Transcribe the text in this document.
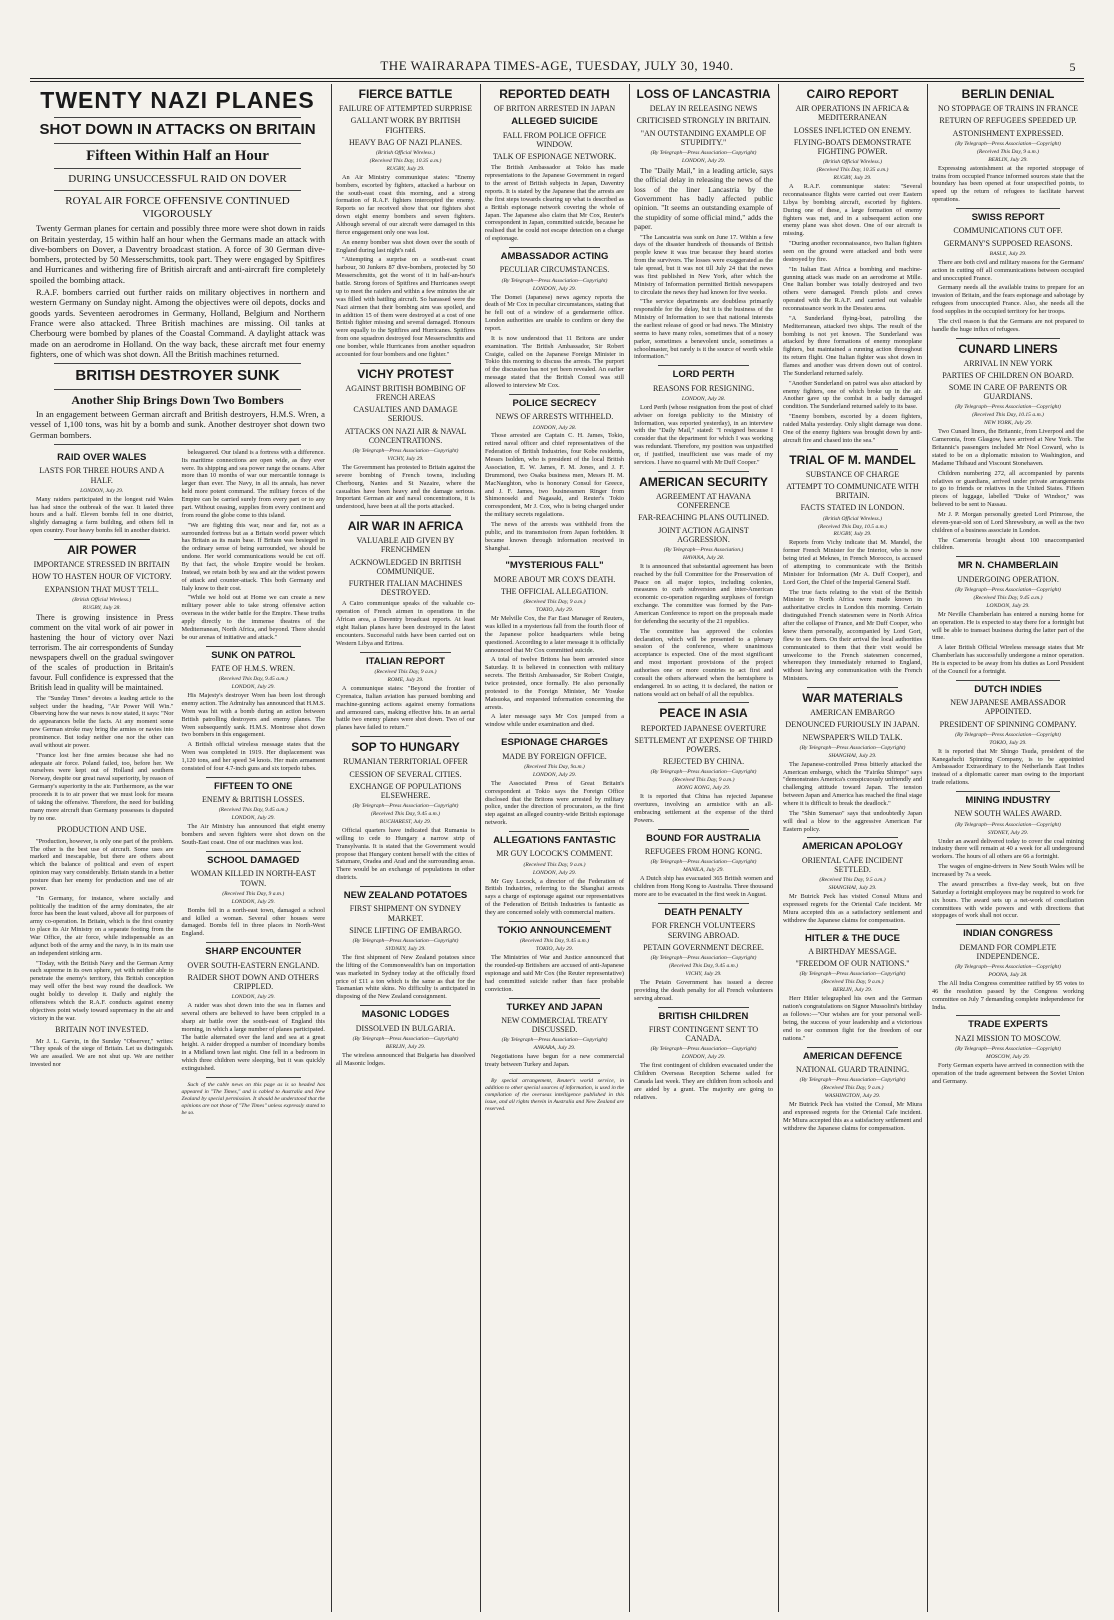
THE WAIRARAPA TIMES-AGE, TUESDAY, JULY 30, 1940.	5
TWENTY NAZI PLANES
SHOT DOWN IN ATTACKS ON BRITAIN
Fifteen Within Half an Hour
DURING UNSUCCESSFUL RAID ON DOVER
ROYAL AIR FORCE OFFENSIVE CONTINUED VIGOROUSLY

Twenty German planes for certain and possibly three more were shot down in raids on Britain yesterday, 15 within half an hour when the Germans made an attack with dive-bombers on Dover, a Daventry broadcast station. A force of 30 German dive-bombers, protected by 50 Messerschmitts, took part. They were engaged by Spitfires and Hurricanes and withering fire of British aircraft and anti-aircraft fire completely spoiled the bombing attack.

R.A.F. bombers carried out further raids on military objectives in northern and western Germany on Sunday night. Among the objectives were oil depots, docks and goods yards. Seventeen aerodromes in Germany, Holland, Belgium and Northern France were also attacked. Three British machines are missing. Oil tanks at Cherbourg were bombed by planes of the Coastal Command. A daylight attack was made on an aerodrome in Holland. On the way back, these aircraft met four enemy fighters, one of which was shot down. All the British machines returned.

BRITISH DESTROYER SUNK
Another Ship Brings Down Two Bombers

In an engagement between German aircraft and British destroyers, H.M.S. Wren, a vessel of 1,100 tons, was hit by a bomb and sunk. Another destroyer shot down two German bombers.

RAID OVER WALES
LASTS FOR THREE HOURS AND A HALF.
LONDON, July 29.

Many raiders participated in the longest raid Wales has had since the outbreak of the war. It lasted three hours and a half. Eleven bombs fell in one district, slightly damaging a farm building, and others fell in open country. Four heavy bombs fell in another district.

AIR POWER
IMPORTANCE STRESSED IN BRITAIN
HOW TO HASTEN HOUR OF VICTORY.
EXPANSION THAT MUST TELL.
(British Official Wireless.)
RUGBY, July 28.

There is growing insistence in Press comment on the vital work of air power in hastening the hour of victory over Nazi terrorism. The air correspondents of Sunday newspapers dwell on the gradual swingover of the scales of production in Britain's favour. Full confidence is expressed that the British lead in quality will be maintained.

The "Sunday Times" devotes a leading article to the subject under the heading, "Air Power Will Win." Observing how the war news is now stated, it says: "Nor do appearances belie the facts. At any moment some new German stroke may bring the armies or navies into prominence. But today neither one nor the other can avail without air power.

"France lost her fine armies because she had no adequate air force. Poland failed, too, before her. We ourselves were kept out of Holland and southern Norway, despite our great naval superiority, by reason of Germany's superiority in the air. Furthermore, as the war proceeds it is to air power that we must look for means of taking the offensive. Therefore, the need for building many more aircraft than Germany possesses is disputed by no one.

PRODUCTION AND USE.

"Production, however, is only one part of the problem. The other is the best use of aircraft. Some uses are marked and inescapable, but there are others about which the balance of political and even of expert opinion may vary considerably. Britain stands in a better posture than her enemy for production and use of air power.

"In Germany, for instance, where socially and politically the tradition of the army dominates, the air force has been the least valued, above all for purposes of army co-operation. In Britain, which is the first country to place its Air Ministry on a separate footing from the War Office, the air force, while indispensable as an adjunct both of the army and the navy, is in its main use an independent striking arm.

"Today, with the British Navy and the German Army each supreme in its own sphere, yet with neither able to penetrate the enemy's territory, this British conception may well offer the best way round the deadlock. We ought boldly to develop it. Daily and nightly the offensives which the R.A.F. conducts against enemy objectives point wisely toward supremacy in the air and victory in the war.

BRITAIN NOT INVESTED.

Mr J. L. Garvin, in the Sunday "Observer," writes: "They speak of the siege of Britain. Let us distinguish. We are assailed. We are not shut up. We are neither invested nor

beleaguered. Our island is a fortress with a difference. Its maritime connections are open wide, as they ever were. Its shipping and sea power range the oceans. After more than 10 months of war our mercantile tonnage is larger than ever. The Navy, in all its annals, has never held more potent command. The military forces of the Empire can be carried surely from every part or to any part. Without ceasing, supplies from every continent and from round the globe come to this island.

"We are fighting this war, near and far, not as a surrounded fortress but as a Britain world power which has Britain as its main base. If Britain was besieged in the ordinary sense of being surrounded, we should be undone. Her world communications would be cut off. By that fact, the whole Empire would be broken. Instead, we retain both by sea and air the widest powers of attack and counter-attack. This both Germany and Italy know to their cost.

"While we hold out at Home we can create a new military power able to take strong offensive action overseas in the wider battle for the Empire. These truths apply directly to the immense theatres of the Mediterranean, North Africa, and beyond. There should be our arenas of initiative and attack."

SUNK ON PATROL
FATE OF H.M.S. WREN.
(Received This Day, 9.45 a.m.)
LONDON, July 29.

His Majesty's destroyer Wren has been lost through enemy action. The Admiralty has announced that H.M.S. Wren was hit with a bomb during an action between British patrolling destroyers and enemy planes. The Wren subsequently sank. H.M.S. Montrose shot down two bombers in this engagement.

A British official wireless message states that the Wren was completed in 1919. Her displacement was 1,120 tons, and her speed 34 knots. Her main armament consisted of four 4.7-inch guns and six torpedo tubes.

FIFTEEN TO ONE
ENEMY & BRITISH LOSSES.
(Received This Day, 9.45 a.m.)
LONDON, July 29.

The Air Ministry has announced that eight enemy bombers and seven fighters were shot down on the South-East coast. One of our machines was lost.

SCHOOL DAMAGED
WOMAN KILLED IN NORTH-EAST TOWN.
(Received This Day, 9 a.m.)
LONDON, July 29.

Bombs fell in a north-east town, damaged a school and killed a woman. Several other houses were damaged. Bombs fell in three places in North-West England.

SHARP ENCOUNTER
OVER SOUTH-EASTERN ENGLAND.
RAIDER SHOT DOWN AND OTHERS CRIPPLED.
LONDON, July 29.

A raider was shot down into the sea in flames and several others are believed to have been crippled in a sharp air battle over the south-east of England this morning, in which a large number of planes participated. The battle alternated over the land and sea at a great height. A raider dropped a number of incendiary bombs in a Midland town last night. One fell in a bedroom in which three children were sleeping, but it was quickly extinguished.

Such of the cable news on this page as is so headed has appeared in "The Times," and is cabled to Australia and New Zealand by special permission. It should be understood that the opinions are not those of "The Times" unless expressly stated to be so.

FIERCE BATTLE
FAILURE OF ATTEMPTED SURPRISE
GALLANT WORK BY BRITISH FIGHTERS.
HEAVY BAG OF NAZI PLANES.
(British Official Wireless.)
(Received This Day, 10.35 a.m.)
RUGBY, July 29.

An Air Ministry communique states: "Enemy bombers, escorted by fighters, attacked a harbour on the south-east coast this morning, and a strong formation of R.A.F. fighters intercepted the enemy. Reports so far received show that our fighters shot down eight enemy bombers and seven fighters. Although several of our aircraft were damaged in this fierce engagement only one was lost.

An enemy bomber was shot down over the south of England during last night's raid.

"Attempting a surprise on a south-east coast harbour, 30 Junkers 87 dive-bombers, protected by 50 Messerschmitts, got the worst of it in half-an-hour's battle. Strong forces of Spitfires and Hurricanes swept up to meet the raiders and within a few minutes the air was filled with battling aircraft. So harassed were the Nazi airmen that their bombing aim was spoiled, and in addition 15 of them were destroyed at a cost of one British fighter missing and several damaged. Honours were equally to the Spitfires and Hurricanes. Spitfires from one squadron destroyed four Messerschmitts and one bomber, while Hurricanes from another squadron accounted for four bombers and one fighter."

VICHY PROTEST
AGAINST BRITISH BOMBING OF FRENCH AREAS
CASUALTIES AND DAMAGE SERIOUS.
ATTACKS ON NAZI AIR & NAVAL CONCENTRATIONS.
(By Telegraph—Press Association—Copyright)
VICHY, July 29.

The Government has protested to Britain against the severe bombing of French towns, including Cherbourg, Nantes and St Nazaire, where the casualties have been heavy and the damage serious. Important German air and naval concentrations, it is understood, have been at all the ports attacked.

AIR WAR IN AFRICA
VALUABLE AID GIVEN BY FRENCHMEN
ACKNOWLEDGED IN BRITISH COMMUNIQUE.
FURTHER ITALIAN MACHINES DESTROYED.

A Cairo communique speaks of the valuable co-operation of French airmen in operations in the African area, a Daventry broadcast reports. At least eight Italian planes have been destroyed in the latest encounters. Successful raids have been carried out on Western Libya and Eritrea.

ITALIAN REPORT
(Received This Day, 9 a.m.)
ROME, July 29.

A communique states: "Beyond the frontier of Cyrenaica, Italian aviation has pursued bombing and machine-gunning actions against enemy formations and armoured cars, making effective hits. In an aerial battle two enemy planes were shot down. Two of our planes have failed to return."

SOP TO HUNGARY
RUMANIAN TERRITORIAL OFFER
CESSION OF SEVERAL CITIES.
EXCHANGE OF POPULATIONS ELSEWHERE.
(By Telegraph—Press Association—Copyright)
(Received This Day, 9.45 a.m.)
BUCHAREST, July 29.

Official quarters have indicated that Rumania is willing to cede to Hungary a narrow strip of Transylvania. It is stated that the Government would propose that Hungary content herself with the cities of Satumare, Oradea and Arad and the surrounding areas. There would be an exchange of populations in other districts.

NEW ZEALAND POTATOES
FIRST SHIPMENT ON SYDNEY MARKET.
SINCE LIFTING OF EMBARGO.
(By Telegraph—Press Association—Copyright)
SYDNEY, July 29.

The first shipment of New Zealand potatoes since the lifting of the Commonwealth's ban on importation was marketed in Sydney today at the officially fixed price of £11 a ton which is the same as that for the Tasmanian white skins. No difficulty is anticipated in disposing of the New Zealand consignment.

MASONIC LODGES
DISSOLVED IN BULGARIA.
(By Telegraph—Press Association—Copyright)
BERLIN, July 29.

The wireless announced that Bulgaria has dissolved all Masonic lodges.

REPORTED DEATH
OF BRITON ARRESTED IN JAPAN
ALLEGED SUICIDE
FALL FROM POLICE OFFICE WINDOW.
TALK OF ESPIONAGE NETWORK.

The British Ambassador at Tokio has made representations to the Japanese Government in regard to the arrest of British subjects in Japan, Daventry reports. It is stated by the Japanese that the arrests are the first steps towards clearing up what is described as a British espionage network covering the whole of Japan. The Japanese also claim that Mr Cox, Reuter's correspondent in Japan, committed suicide, because he realised that he could not escape detection on a charge of espionage.

AMBASSADOR ACTING
PECULIAR CIRCUMSTANCES.
(By Telegraph—Press Association—Copyright)
LONDON, July 29.

The Domei (Japanese) news agency reports the death of Mr Cox in peculiar circumstances, stating that he fell out of a window of a gendarmerie office. London authorities are unable to confirm or deny the report.

It is now understood that 11 Britons are under examination. The British Ambassador, Sir Robert Craigie, called on the Japanese Foreign Minister in Tokio this morning to discuss the arrests. The purport of the discussion has not yet been revealed. An earlier message stated that the British Consul was still allowed to interview Mr Cox.

POLICE SECRECY
NEWS OF ARRESTS WITHHELD.
LONDON, July 28.

Those arrested are Captain C. H. James, Tokio, retired naval officer and chief representatives of the Federation of British Industries, four Kobe residents, Messrs Isolden, who is president of the local British Association, E. W. James, F. M. Jones, and J. F. Drummond, two Osaka business men, Messrs H. M. MacNaughton, who is honorary Consul for Greece, and J. F. James, two businessmen Ringer from Shimonoseki and Nagasaki, and Reuter's Tokio correspondent, Mr J. Cox, who is being charged under the military secrets regulations.

The news of the arrests was withheld from the public, and its transmission from Japan forbidden. It became known through information received in Shanghai.

"MYSTERIOUS FALL"
MORE ABOUT MR COX'S DEATH.
THE OFFICIAL ALLEGATION.
(Received This Day, 9 a.m.)
TOKIO, July 29.

Mr Melville Cox, the Far East Manager of Reuters, was killed in a mysterious fall from the fourth floor of the Japanese police headquarters while being questioned. According to a later message it is officially announced that Mr Cox committed suicide.

A total of twelve Britons has been arrested since Saturday. It is believed in connection with military secrets. The British Ambassador, Sir Robert Craigie, twice protested, once formally. He also personally protested to the Foreign Minister, Mr Yosuke Matsuoka, and requested information concerning the arrests.

A later message says Mr Cox jumped from a window while under examination and died.

ESPIONAGE CHARGES
MADE BY FOREIGN OFFICE.
(Received This Day, 9a.m.)
LONDON, July 29.

The Associated Press of Great Britain's correspondent at Tokio says the Foreign Office disclosed that the Britons were arrested by military police, under the direction of procurators, as the first step against an alleged country-wide British espionage network.

ALLEGATIONS FANTASTIC
MR GUY LOCOCK'S COMMENT.
(Received This Day, 9 a.m.)
LONDON, July 29.

Mr Guy Locock, a director of the Federation of British Industries, referring to the Shanghai arrests says a charge of espionage against our representatives of the Federation of British Industries is fantastic as they are concerned solely with commercial matters.

TOKIO ANNOUNCEMENT
(Received This Day, 9.45 a.m.)
TOKIO, July 29.

The Ministries of War and Justice announced that the rounded-up Britishers are accused of anti-Japanese espionage and said Mr Cox (the Reuter representative) had committed suicide rather than face probable conviction.

TURKEY AND JAPAN
NEW COMMERCIAL TREATY DISCUSSED.
(By Telegraph—Press Association—Copyright)
ANKARA, July 29.

Negotiations have begun for a new commercial treaty between Turkey and Japan.

By special arrangement, Reuter's world service, in addition to other special sources of information, is used in the compilation of the overseas intelligence published in this issue, and all rights therein in Australia and New Zealand are reserved.

LOSS OF LANCASTRIA
DELAY IN RELEASING NEWS
CRITICISED STRONGLY IN BRITAIN.
"AN OUTSTANDING EXAMPLE OF STUPIDITY."
(By Telegraph—Press Association—Copyright)
LONDON, July 29.

The "Daily Mail," in a leading article, says the official delay in releasing the news of the loss of the liner Lancastria by the Government has badly affected public opinion. "It seems an outstanding example of the stupidity of some official mind," adds the paper.

"The Lancastria was sunk on June 17. Within a few days of the disaster hundreds of thousands of British people knew it was true because they heard stories from the survivors. The losses were exaggerated as the tale spread, but it was not till July 24 that the news was first published in New York, after which the Ministry of Information permitted British newspapers to circulate the news they had known for five weeks.

"The service departments are doubtless primarily responsible for the delay, but it is the business of the Ministry of Information to see that national interests the earliest release of good or bad news. The Ministry seems to have many roles, sometimes that of a nosey parker, sometimes a benevolent uncle, sometimes a schoolmaster, but rarely is it the source of worth while information."

LORD PERTH
REASONS FOR RESIGNING.
LONDON, July 28.

Lord Perth (whose resignation from the post of chief adviser on foreign publicity to the Ministry of Information, was reported yesterday), in an interview with the "Daily Mail," stated: "I resigned because I consider that the department for which I was working was redundant. Therefore, my position was unjustified or, if justified, insufficient use was made of my services. I have no quarrel with Mr Duff Cooper."

AMERICAN SECURITY
AGREEMENT AT HAVANA CONFERENCE
FAR-REACHING PLANS OUTLINED.
JOINT ACTION AGAINST AGGRESSION.
(By Telegraph—Press Association.)
HAVANA, July 28.

It is announced that substantial agreement has been reached by the full Committee for the Preservation of Peace on all major topics, including colonies, measures to curb subversion and inter-American economic co-operation regarding surpluses of foreign exchange. The committee was formed by the Pan-American Conference to report on the proposals made for defending the security of the 21 republics.

The committee has approved the colonies declaration, which will be presented to a plenary session of the conference, where unanimous acceptance is expected. One of the most significant and most important provisions of the project authorises one or more countries to act first and consult the others afterward when the hemisphere is endangered. In so acting, it is declared, the nation or nations would act on behalf of all the republics.

PEACE IN ASIA
REPORTED JAPANESE OVERTURE
SETTLEMENT AT EXPENSE OF THIRD POWERS.
REJECTED BY CHINA.
(By Telegraph—Press Association—Copyright)
(Received This Day, 9 a.m.)
HONG KONG, July 29.

It is reported that China has rejected Japanese overtures, involving an armistice with an all-embracing settlement at the expense of the third Powers.

BOUND FOR AUSTRALIA
REFUGEES FROM HONG KONG.
(By Telegraph—Press Association—Copyright)
MANILA, July 29.

A Dutch ship has evacuated 365 British women and children from Hong Kong to Australia. Three thousand more are to be evacuated in the first week in August.

DEATH PENALTY
FOR FRENCH VOLUNTEERS SERVING ABROAD.
PETAIN GOVERNMENT DECREE.
(By Telegraph—Press Association—Copyright)
(Received This Day, 9.45 a.m.)
VICHY, July 29.

The Petain Government has issued a decree providing the death penalty for all French volunteers serving abroad.

BRITISH CHILDREN
FIRST CONTINGENT SENT TO CANADA.
(By Telegraph—Press Association—Copyright)
LONDON, July 29.

The first contingent of children evacuated under the Children Overseas Reception Scheme sailed for Canada last week. They are children from schools and are aided by a grant. The majority are going to relatives.

CAIRO REPORT
AIR OPERATIONS IN AFRICA & MEDITERRANEAN
LOSSES INFLICTED ON ENEMY.
FLYING-BOATS DEMONSTRATE FIGHTING POWER.
(British Official Wireless.)
(Received This Day, 10.35 a.m.)
RUGBY, July 29.

A R.A.F. communique states: "Several reconnaissance flights were carried out over Eastern Libya by bombing aircraft, escorted by fighters. During one of these, a large formation of enemy fighters was met, and in a subsequent action one enemy plane was shot down. One of our aircraft is missing.

"During another reconnaissance, two Italian fighters seen on the ground were attacked and both were destroyed by fire.

"In Italian East Africa a bombing and machine-gunning attack was made on an aerodrome at Mille. One Italian bomber was totally destroyed and two others were damaged. French pilots and crews operated with the R.A.F. and carried out valuable reconnaissance work in the Dessieu area.

"A Sunderland flying-boat, patrolling the Mediterranean, attacked two ships. The result of the bombing is not yet known. The Sunderland was attacked by three formations of enemy monoplane fighters, but maintained a running action throughout its return flight. One Italian fighter was shot down in flames and another was driven down out of control. The Sunderland returned safely.

"Another Sunderland on patrol was also attacked by enemy fighters, one of which broke up in the air. Another gave up the combat in a badly damaged condition. The Sunderland returned safely to its base.

"Enemy bombers, escorted by a dozen fighters, raided Malta yesterday. Only slight damage was done. One of the enemy fighters was brought down by anti-aircraft fire and chased into the sea."

TRIAL OF M. MANDEL
SUBSTANCE OF CHARGE
ATTEMPT TO COMMUNICATE WITH BRITAIN.
FACTS STATED IN LONDON.
(British Official Wireless.)
(Received This Day, 10.5 a.m.)
RUGBY, July 29.

Reports from Vichy indicate that M. Mandel, the former French Minister for the Interior, who is now being tried at Meknes, in French Morocco, is accused of attempting to communicate with the British Minister for Information (Mr A. Duff Cooper), and Lord Gort, the Chief of the Imperial General Staff.

The true facts relating to the visit of the British Minister to North Africa were made known in authoritative circles in London this morning. Certain distinguished French statesmen were in North Africa after the collapse of France, and Mr Duff Cooper, who knew them personally, accompanied by Lord Gort, flew to see them. On their arrival the local authorities communicated to them that their visit would be unwelcome to the French statesmen concerned, whereupon they immediately returned to England, without having any communication with the French Ministers.

WAR MATERIALS
AMERICAN EMBARGO
DENOUNCED FURIOUSLY IN JAPAN.
NEWSPAPER'S WILD TALK.
(By Telegraph—Press Association—Copyright)
SHANGHAI, July 29.

The Japanese-controlled Press bitterly attacked the American embargo, which the "Fairiku Shimpo" says "demonstrates America's conspicuously unfriendly and challenging attitude toward Japan. The tension between Japan and America has reached the final stage where it is difficult to break the deadlock."

The "Shin Sumenao" says that undoubtedly Japan will deal a blow to the aggressive American Far Eastern policy.

AMERICAN APOLOGY
ORIENTAL CAFE INCIDENT SETTLED.
(Received This Day, 9.5 a.m.)
SHANGHAI, July 29.

Mr Butrick Peck has visited Consul Miura and expressed regrets for the Oriental Cafe incident. Mr Miura accepted this as a satisfactory settlement and withdrew the Japanese claims for compensation.

HITLER & THE DUCE
A BIRTHDAY MESSAGE.
"FREEDOM OF OUR NATIONS."
(By Telegraph—Press Association—Copyright)
(Received This Day, 9 a.m.)
BERLIN, July 29.

Herr Hitler telegraphed his own and the German nation's congratulations on Signor Mussolini's birthday as follows:—"Our wishes are for your personal well-being, the success of your leadership and a victorious end to our common fight for the freedom of our nations."

AMERICAN DEFENCE
NATIONAL GUARD TRAINING.
(By Telegraph—Press Association—Copyright)
(Received This Day, 9 a.m.)
WASHINGTON, July 29.

Mr Butrick Peck has visited the Consul, Mr Miura and expressed regrets for the Oriental Cafe incident. Mr Miura accepted this as a satisfactory settlement and withdrew the Japanese claims for compensation.

BERLIN DENIAL
NO STOPPAGE OF TRAINS IN FRANCE
RETURN OF REFUGEES SPEEDED UP.
ASTONISHMENT EXPRESSED.
(By Telegraph—Press Association—Copyright)
(Received This Day, 9 a.m.)
BERLIN, July 29.

Expressing astonishment at the reported stoppage of trains from occupied France informed sources state that the boundary has been opened at four unspecified points, to speed up the return of refugees to facilitate harvest operations.

SWISS REPORT
COMMUNICATIONS CUT OFF.
GERMANY'S SUPPOSED REASONS.
BASLE, July 29.

There are both civil and military reasons for the Germans' action in cutting off all communications between occupied and unoccupied France.

Germany needs all the available trains to prepare for an invasion of Britain, and the fears espionage and sabotage by refugees from unoccupied France. Also, she needs all the food supplies in the occupied territory for her troops.

The civil reason is that the Germans are not prepared to handle the huge influx of refugees.

CUNARD LINERS
ARRIVAL IN NEW YORK
PARTIES OF CHILDREN ON BOARD.
SOME IN CARE OF PARENTS OR GUARDIANS.
(By Telegraph—Press Association—Copyright)
(Received This Day, 10.15 a.m.)
NEW YORK, July 29.

Two Cunard liners, the Britannic, from Liverpool and the Cameronia, from Glasgow, have arrived at New York. The Britannic's passengers included Mr Noel Coward, who is stated to be on a diplomatic mission to Washington, and Madame Thibaud and Viscount Stonehaven.

Children numbering 272, all accompanied by parents relatives or guardians, arrived under private arrangements to go to friends or relatives in the United States. Fifteen pieces of luggage, labelled "Duke of Windsor," was believed to be sent to Nassau.

Mr J. P. Morgan personally greeted Lord Primrose, the eleven-year-old son of Lord Shrewsbury, as well as the two children of a business associate in London.

The Cameronia brought about 100 unaccompanied children.

MR N. CHAMBERLAIN
UNDERGOING OPERATION.
(By Telegraph—Press Association—Copyright)
(Received This Day, 9.45 a.m.)
LONDON, July 29.

Mr Neville Chamberlain has entered a nursing home for an operation. He is expected to stay there for a fortnight but will be able to transact business during the latter part of the time.

A later British Official Wireless message states that Mr Chamberlain has successfully undergone a minor operation. He is expected to be away from his duties as Lord President of the Council for a fortnight.

DUTCH INDIES
NEW JAPANESE AMBASSADOR APPOINTED.
PRESIDENT OF SPINNING COMPANY.
(By Telegraph—Press Association—Copyright)
TOKIO, July 29.

It is reported that Mr Shingo Tsuda, president of the Kanegafuchi Spinning Company, is to be appointed Ambassador Extraordinary to the Netherlands East Indies instead of a diplomatic career man owing to the important trade relations.

MINING INDUSTRY
NEW SOUTH WALES AWARD.
(By Telegraph—Press Association—Copyright)
SYDNEY, July 29.

Under an award delivered today to cover the coal mining industry there will remain at 40 a week for all underground workers. The hours of all others are 66 a fortnight.

The wages of engine-drivers in New South Wales will be increased by 7s a week.

The award prescribes a five-day week, but on five Saturday a fortnight employees may be required to work for six hours. The award sets up a net-work of conciliation committees with wide powers and with directions that stoppages of work shall not occur.

INDIAN CONGRESS
DEMAND FOR COMPLETE INDEPENDENCE.
(By Telegraph—Press Association—Copyright)
POONA, July 28.

The All India Congress committee ratified by 95 votes to 46 the resolution passed by the Congress working committee on July 7 demanding complete independence for India.

TRADE EXPERTS
NAZI MISSION TO MOSCOW.
(By Telegraph—Press Association—Copyright)
MOSCOW, July 29.

Forty German experts have arrived in connection with the operation of the trade agreement between the Soviet Union and Germany.
